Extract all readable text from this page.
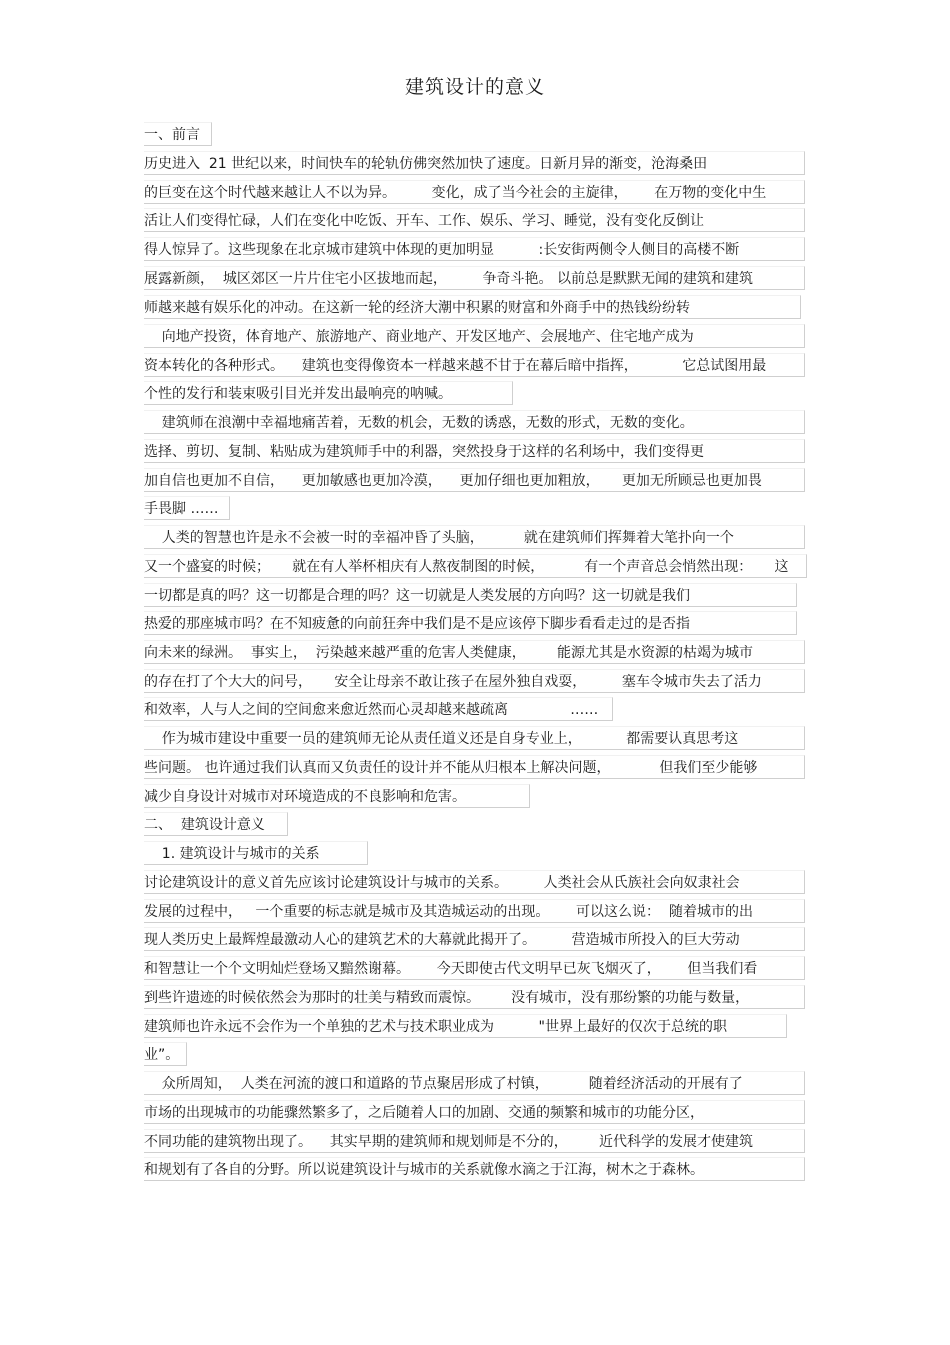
建筑设计的意义
一、前言
历史进入  21 世纪以来，时间快车的轮轨仿佛突然加快了速度。日新月异的渐变，沧海桑田
的巨变在这个时代越来越让人不以为异。        变化，成了当今社会的主旋律，      在万物的变化中生
活让人们变得忙碌，人们在变化中吃饭、开车、工作、娱乐、学习、睡觉，没有变化反倒让
得人惊异了。这些现象在北京城市建筑中体现的更加明显          :长安街两侧令人侧目的高楼不断
展露新颜，  城区郊区一片片住宅小区拔地而起，        争奇斗艳。 以前总是默默无闻的建筑和建筑
师越来越有娱乐化的冲动。在这新一轮的经济大潮中积累的财富和外商手中的热钱纷纷转
向地产投资，体育地产、旅游地产、商业地产、开发区地产、会展地产、住宅地产成为
资本转化的各种形式。    建筑也变得像资本一样越来越不甘于在幕后暗中指挥，          它总试图用最
个性的发行和装束吸引目光并发出最响亮的呐喊。
建筑师在浪潮中幸福地痛苦着，无数的机会，无数的诱惑，无数的形式，无数的变化。
选择、剪切、复制、粘贴成为建筑师手中的利器，突然投身于这样的名利场中，我们变得更
加自信也更加不自信，    更加敏感也更加冷漠，    更加仔细也更加粗放，     更加无所顾忌也更加畏
手畏脚 ……
人类的智慧也许是永不会被一时的幸福冲昏了头脑，         就在建筑师们挥舞着大笔扑向一个
又一个盛宴的时候；     就在有人举杯相庆有人熬夜制图的时候，         有一个声音总会悄然出现：     这
一切都是真的吗？这一切都是合理的吗？这一切就是人类发展的方向吗？这一切就是我们
热爱的那座城市吗？在不知疲惫的向前狂奔中我们是不是应该停下脚步看看走过的是否指
向未来的绿洲。  事实上，  污染越来越严重的危害人类健康，       能源尤其是水资源的枯竭为城市
的存在打了个大大的问号，     安全让母亲不敢让孩子在屋外独自戏耍，        塞车令城市失去了活力
和效率，人与人之间的空间愈来愈近然而心灵却越来越疏离              ……
作为城市建设中重要一员的建筑师无论从责任道义还是自身专业上，          都需要认真思考这
些问题。 也许通过我们认真而又负责任的设计并不能从归根本上解决问题，           但我们至少能够
减少自身设计对城市对环境造成的不良影响和危害。
二、  建筑设计意义
1. 建筑设计与城市的关系
讨论建筑设计的意义首先应该讨论建筑设计与城市的关系。        人类社会从氏族社会向奴隶社会
发展的过程中，   一个重要的标志就是城市及其造城运动的出现。      可以这么说：  随着城市的出
现人类历史上最辉煌最激动人心的建筑艺术的大幕就此揭开了。        营造城市所投入的巨大劳动
和智慧让一个个文明灿烂登场又黯然谢幕。      今天即使古代文明早已灰飞烟灭了，      但当我们看
到些许遗迹的时候依然会为那时的壮美与精致而震惊。       没有城市，没有那纷繁的功能与数量，
建筑师也许永远不会作为一个单独的艺术与技术职业成为          "世界上最好的仅次于总统的职
业”。
众所周知，  人类在河流的渡口和道路的节点聚居形成了村镇，         随着经济活动的开展有了
市场的出现城市的功能骤然繁多了，之后随着人口的加剧、交通的频繁和城市的功能分区，
不同功能的建筑物出现了。    其实早期的建筑师和规划师是不分的，       近代科学的发展才使建筑
和规划有了各自的分野。所以说建筑设计与城市的关系就像水滴之于江海，树木之于森林。
